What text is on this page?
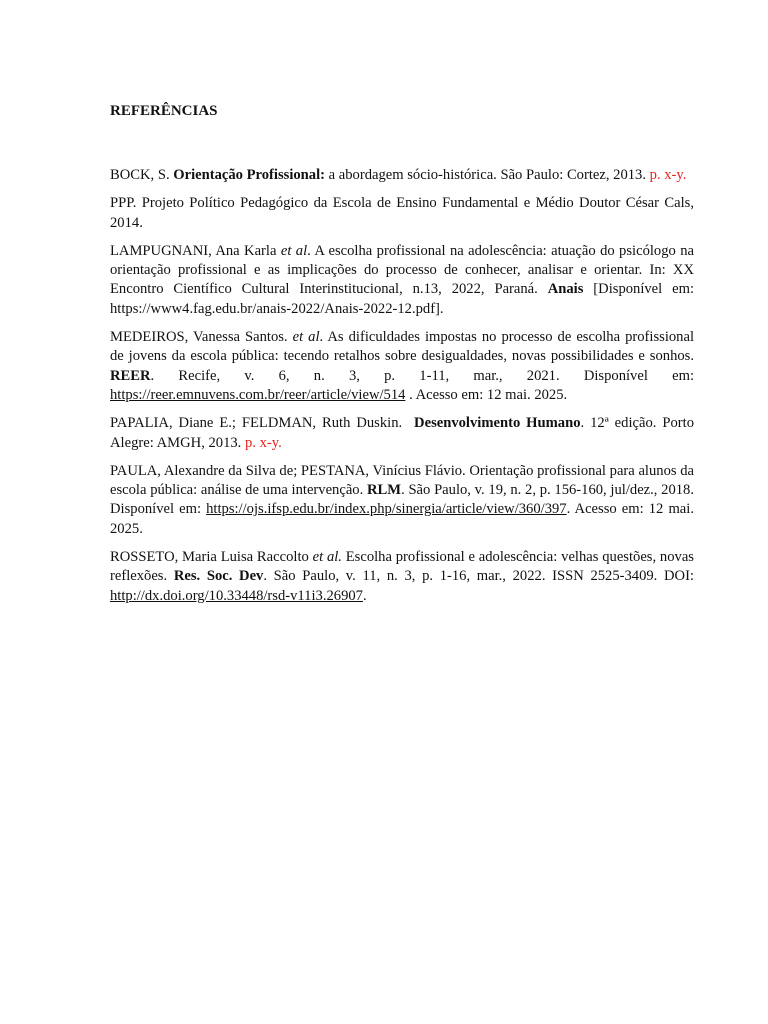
REFERÊNCIAS

BOCK, S. Orientação Profissional: a abordagem sócio-histórica. São Paulo: Cortez, 2013. p. x-y.

PPP. Projeto Político Pedagógico da Escola de Ensino Fundamental e Médio Doutor César Cals, 2014.

LAMPUGNANI, Ana Karla et al. A escolha profissional na adolescência: atuação do psicólogo na orientação profissional e as implicações do processo de conhecer, analisar e orientar. In: XX Encontro Científico Cultural Interinstitucional, n.13, 2022, Paraná. Anais [Disponível em: https://www4.fag.edu.br/anais-2022/Anais-2022-12.pdf].

MEDEIROS, Vanessa Santos. et al. As dificuldades impostas no processo de escolha profissional de jovens da escola pública: tecendo retalhos sobre desigualdades, novas possibilidades e sonhos. REER. Recife, v. 6, n. 3, p. 1-11, mar., 2021. Disponível em: https://reer.emnuvens.com.br/reer/article/view/514 . Acesso em: 12 mai. 2025.

PAPALIA, Diane E.; FELDMAN, Ruth Duskin.  Desenvolvimento Humano. 12ª edição. Porto Alegre: AMGH, 2013. p. x-y.

PAULA, Alexandre da Silva de; PESTANA, Vinícius Flávio. Orientação profissional para alunos da escola pública: análise de uma intervenção. RLM. São Paulo, v. 19, n. 2, p. 156-160, jul/dez., 2018. Disponível em: https://ojs.ifsp.edu.br/index.php/sinergia/article/view/360/397. Acesso em: 12 mai. 2025.

ROSSETO, Maria Luisa Raccolto et al. Escolha profissional e adolescência: velhas questões, novas reflexões. Res. Soc. Dev. São Paulo, v. 11, n. 3, p. 1-16, mar., 2022. ISSN 2525-3409. DOI: http://dx.doi.org/10.33448/rsd-v11i3.26907.
